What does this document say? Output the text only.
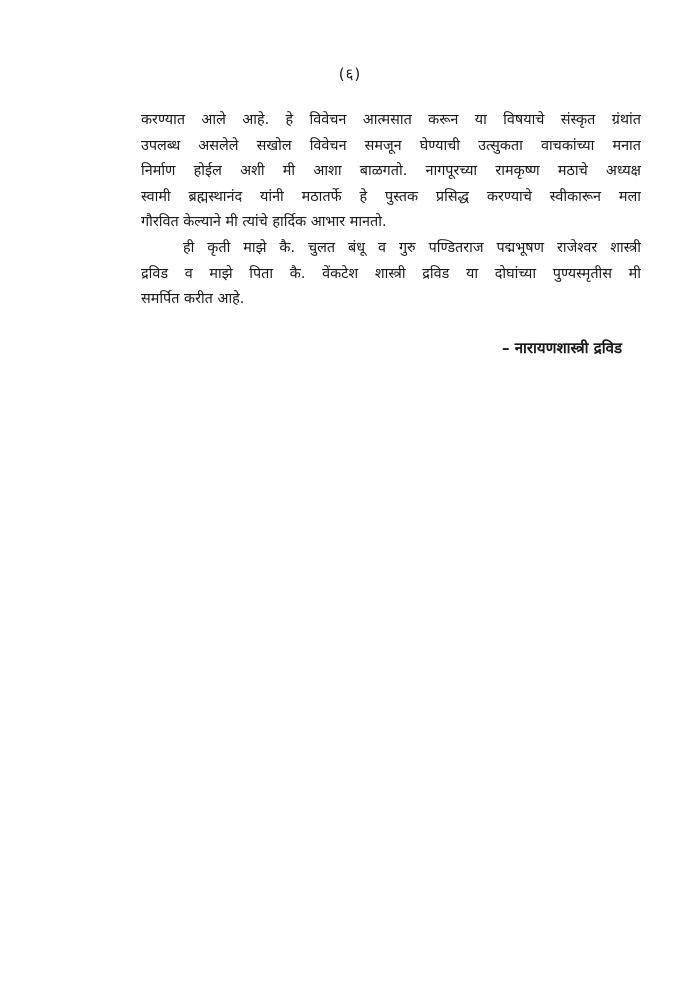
(६)
करण्यात आले आहे. हे विवेचन आत्मसात करून या विषयाचे संस्कृत ग्रंथांत
उपलब्ध असलेले सखोल विवेचन समजून घेण्याची उत्सुकता वाचकांच्या मनात
निर्माण होईल अशी मी आशा बाळगतो. नागपूरच्या रामकृष्ण मठाचे अध्यक्ष
स्वामी ब्रह्मस्थानंद यांनी मठातर्फे हे पुस्तक प्रसिद्ध करण्याचे स्वीकारून मला
गौरवित केल्याने मी त्यांचे हार्दिक आभार मानतो.
ही कृती माझे कै. चुलत बंधू व गुरु पण्डितराज पद्मभूषण राजेश्वर शास्त्री
द्रविड व माझे पिता कै. वेंकटेश शास्त्री द्रविड या दोघांच्या पुण्यस्मृतीस मी
समर्पित करीत आहे.
– नारायणशास्त्री द्रविड
